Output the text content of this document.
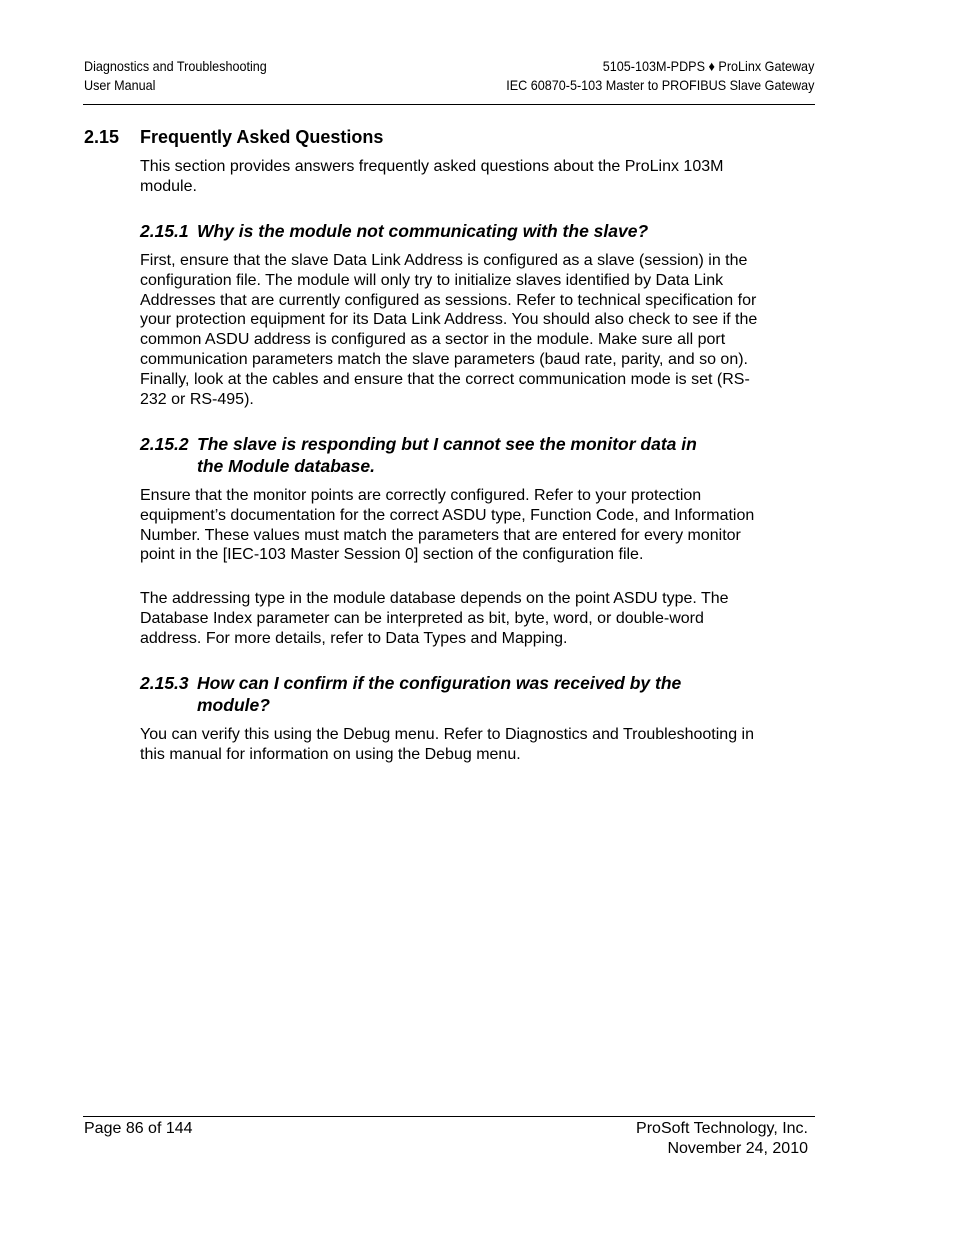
Diagnostics and Troubleshooting
User Manual
5105-103M-PDPS ♦ ProLinx Gateway
IEC 60870-5-103 Master to PROFIBUS Slave Gateway
2.15 Frequently Asked Questions

This section provides answers frequently asked questions about the ProLinx 103M module.

2.15.1 Why is the module not communicating with the slave?

First, ensure that the slave Data Link Address is configured as a slave (session) in the configuration file. The module will only try to initialize slaves identified by Data Link Addresses that are currently configured as sessions. Refer to technical specification for your protection equipment for its Data Link Address. You should also check to see if the common ASDU address is configured as a sector in the module. Make sure all port communication parameters match the slave parameters (baud rate, parity, and so on). Finally, look at the cables and ensure that the correct communication mode is set (RS-232 or RS-495).

2.15.2 The slave is responding but I cannot see the monitor data in
the Module database.

Ensure that the monitor points are correctly configured. Refer to your protection equipment’s documentation for the correct ASDU type, Function Code, and Information Number. These values must match the parameters that are entered for every monitor point in the [IEC-103 Master Session 0] section of the configuration file.

The addressing type in the module database depends on the point ASDU type. The Database Index parameter can be interpreted as bit, byte, word, or double-word address. For more details, refer to Data Types and Mapping.

2.15.3 How can I confirm if the configuration was received by the
module?

You can verify this using the Debug menu. Refer to Diagnostics and Troubleshooting in this manual for information on using the Debug menu.

Page 86 of 144	ProSoft Technology, Inc.
November 24, 2010
